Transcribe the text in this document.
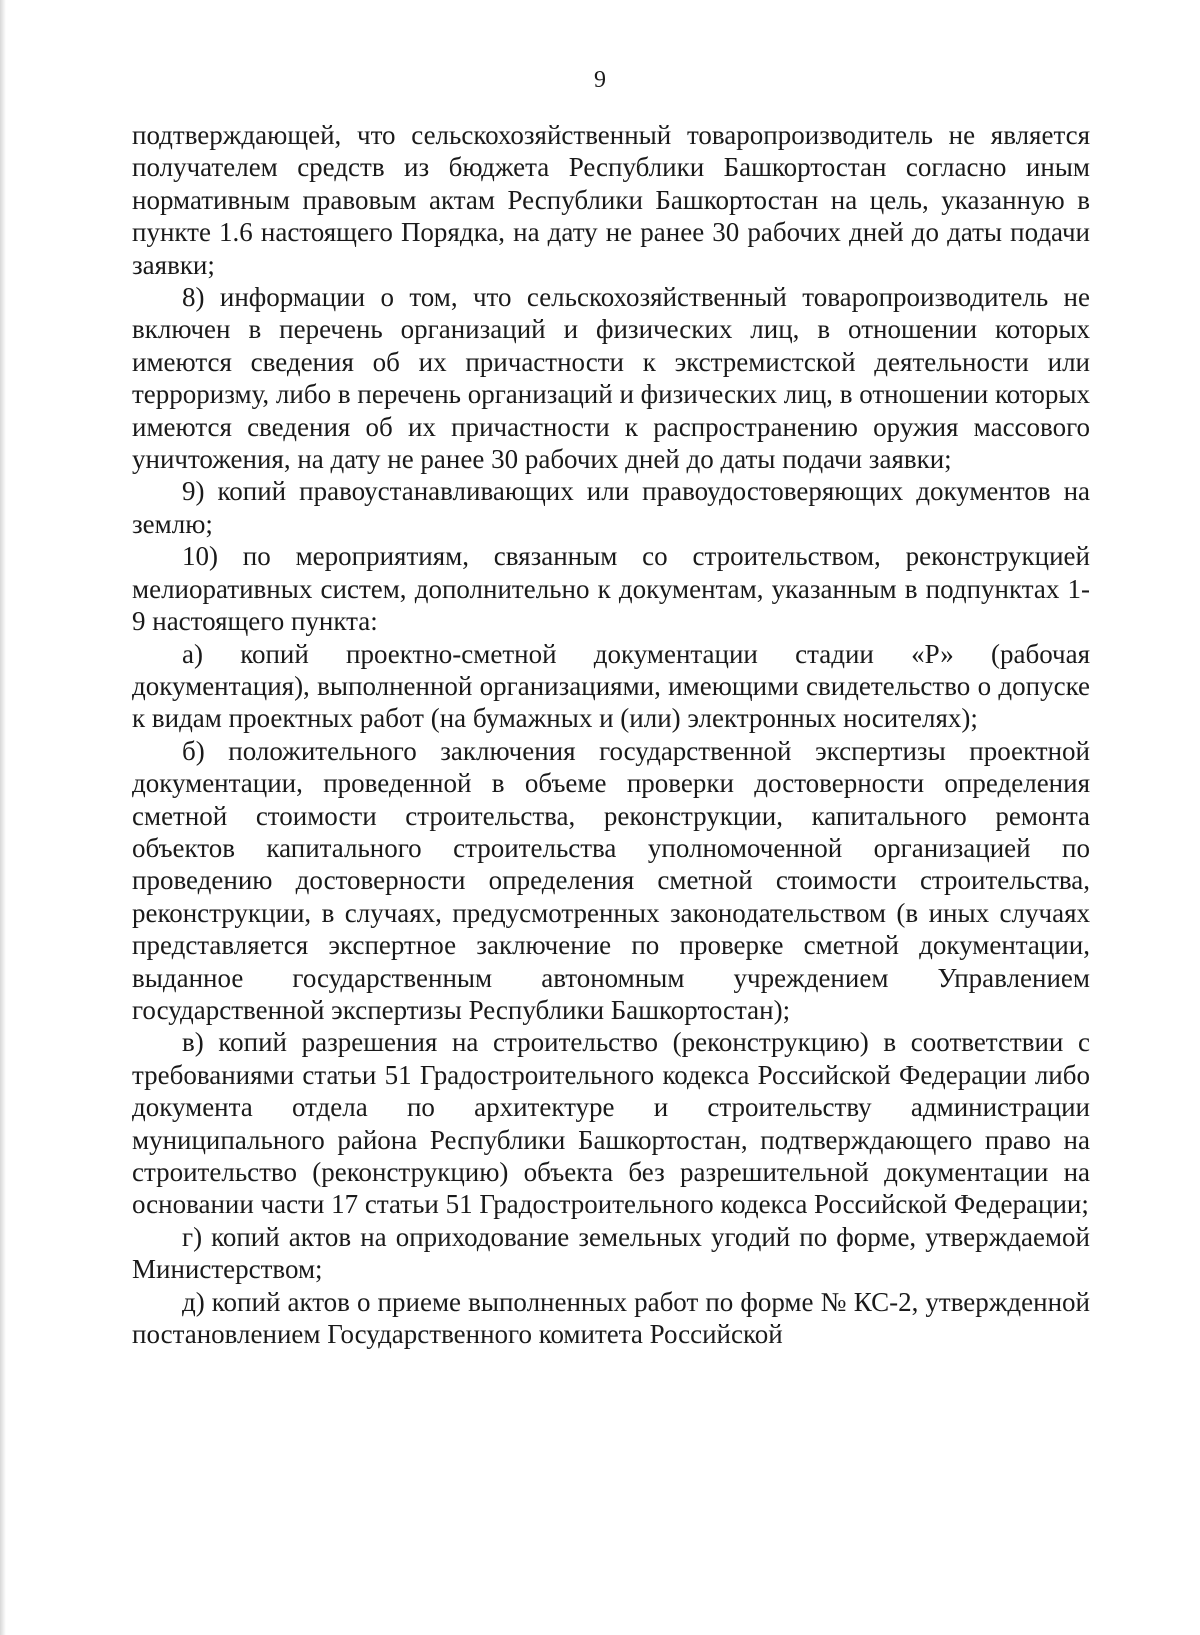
9

подтверждающей, что сельскохозяйственный товаропроизводитель не является получателем средств из бюджета Республики Башкортостан согласно иным нормативным правовым актам Республики Башкортостан на цель, указанную в пункте 1.6 настоящего Порядка, на дату не ранее 30 рабочих дней до даты подачи заявки;

8) информации о том, что сельскохозяйственный товаропроизводитель не включен в перечень организаций и физических лиц, в отношении которых имеются сведения об их причастности к экстремистской деятельности или терроризму, либо в перечень организаций и физических лиц, в отношении которых имеются сведения об их причастности к распространению оружия массового уничтожения, на дату не ранее 30 рабочих дней до даты подачи заявки;

9) копий правоустанавливающих или правоудостоверяющих документов на землю;

10) по мероприятиям, связанным со строительством, реконструкцией мелиоративных систем, дополнительно к документам, указанным в подпунктах 1-9 настоящего пункта:

а) копий проектно-сметной документации стадии «Р» (рабочая документация), выполненной организациями, имеющими свидетельство о допуске к видам проектных работ (на бумажных и (или) электронных носителях);

б) положительного заключения государственной экспертизы проектной документации, проведенной в объеме проверки достоверности определения сметной стоимости строительства, реконструкции, капитального ремонта объектов капитального строительства уполномоченной организацией по проведению достоверности определения сметной стоимости строительства, реконструкции, в случаях, предусмотренных законодательством (в иных случаях представляется экспертное заключение по проверке сметной документации, выданное государственным автономным учреждением Управлением государственной экспертизы Республики Башкортостан);

в) копий разрешения на строительство (реконструкцию) в соответствии с требованиями статьи 51 Градостроительного кодекса Российской Федерации либо документа отдела по архитектуре и строительству администрации муниципального района Республики Башкортостан, подтверждающего право на строительство (реконструкцию) объекта без разрешительной документации на основании части 17 статьи 51 Градостроительного кодекса Российской Федерации;

г) копий актов на оприходование земельных угодий по форме, утверждаемой Министерством;

д) копий актов о приеме выполненных работ по форме № КС-2, утвержденной постановлением Государственного комитета Российской
